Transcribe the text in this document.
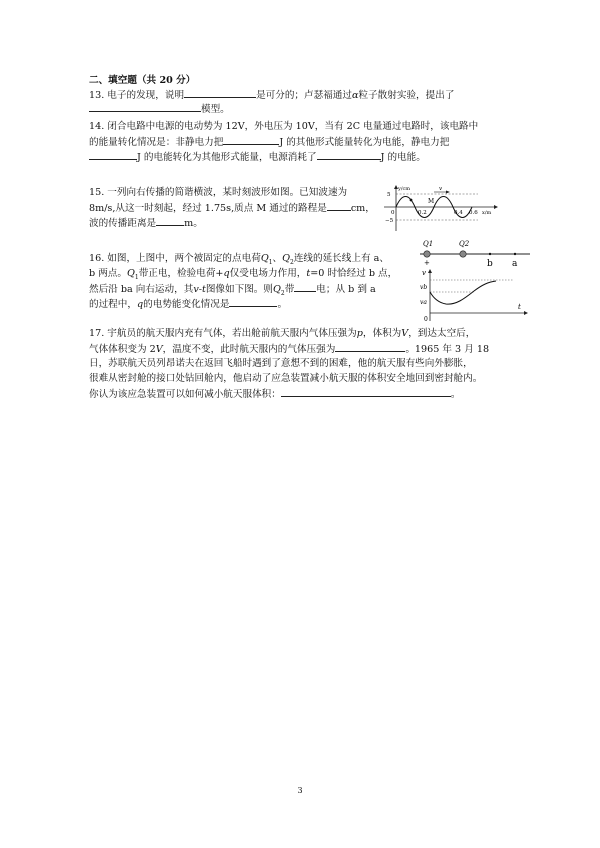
二、填空题（共 20 分）
13. 电子的发现，说明	是可分的；卢瑟福通过α粒子散射实验，提出了
模型。
14. 闭合电路中电源的电动势为 12V，外电压为 10V，当有 2C 电量通过电路时，该电路中
的能量转化情况是：非静电力把	J 的其他形式能量转化为电能，静电力把
J 的电能转化为其他形式能量，电源消耗了	J 的电能。
15. 一列向右传播的简谐横波，某时刻波形如图。已知波速为
8m/s,从这一时刻起，经过 1.75s,质点 M 通过的路程是	cm，
波的传播距离是	m。
y/cm
5
−5
0	0.2	0.4 0.6 x/m
M
v
16. 如图，上图中，两个被固定的点电荷$Q_1$、$Q_2$连线的延长线上有 a、
b 两点。$Q_1$带正电，检验电荷+q仅受电场力作用，t=0 时恰经过 b 点，
然后沿 ba 向右运动，其v-t图像如下图。则$Q_2$带 电；从 b 到 a
的过程中，q的电势能变化情况是	。
Q1	Q2
+	b a
v
vb
va
0
t
17. 宇航员的航天服内充有气体，若出舱前航天服内气体压强为p，体积为V，到达太空后，
气体体积变为 2V，温度不变，此时航天服内的气体压强为	。1965 年 3 月 18
日，苏联航天员列昂诺夫在返回飞船时遇到了意想不到的困难，他的航天服有些向外膨胀，
很难从密封舱的接口处钻回舱内，他启动了应急装置减小航天服的体积安全地回到密封舱内。
你认为该应急装置可以如何减小航天服体积：	。
3
